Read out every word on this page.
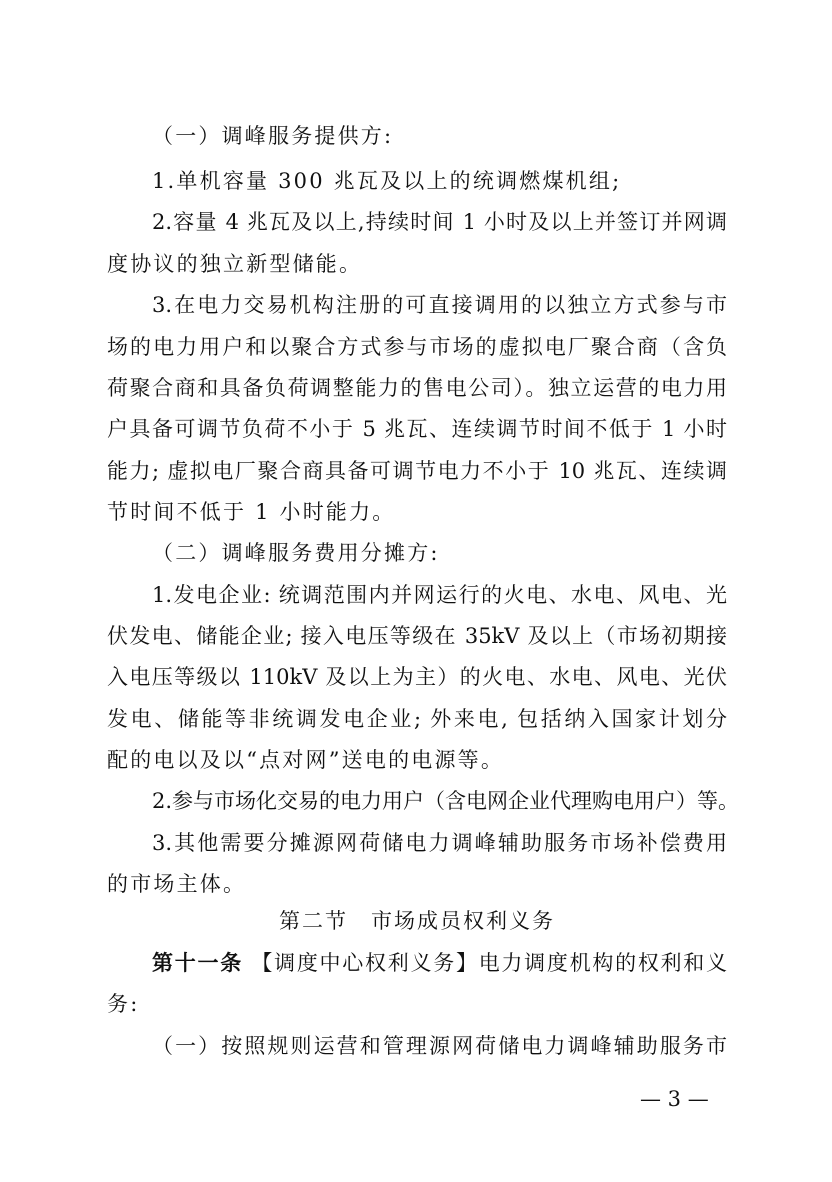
（一）调峰服务提供方:
1.单机容量 300 兆瓦及以上的统调燃煤机组;
2.容量 4 兆瓦及以上,持续时间 1 小时及以上并签订并网调
度协议的独立新型储能。
3.在电力交易机构注册的可直接调用的以独立方式参与市
场的电力用户和以聚合方式参与市场的虚拟电厂聚合商（含负
荷聚合商和具备负荷调整能力的售电公司）。独立运营的电力用
户具备可调节负荷不小于 5 兆瓦、连续调节时间不低于 1 小时
能力; 虚拟电厂聚合商具备可调节电力不小于 10 兆瓦、连续调
节时间不低于 1 小时能力。
（二）调峰服务费用分摊方:
1.发电企业: 统调范围内并网运行的火电、水电、风电、光
伏发电、储能企业; 接入电压等级在 35kV 及以上（市场初期接
入电压等级以 110kV 及以上为主）的火电、水电、风电、光伏
发电、储能等非统调发电企业; 外来电, 包括纳入国家计划分
配的电以及以“点对网”送电的电源等。
2.参与市场化交易的电力用户（含电网企业代理购电用户）等。
3.其他需要分摊源网荷储电力调峰辅助服务市场补偿费用
的市场主体。
第二节　市场成员权利义务
第十一条 【调度中心权利义务】电力调度机构的权利和义
务:
（一）按照规则运营和管理源网荷储电力调峰辅助服务市
— 3 —
